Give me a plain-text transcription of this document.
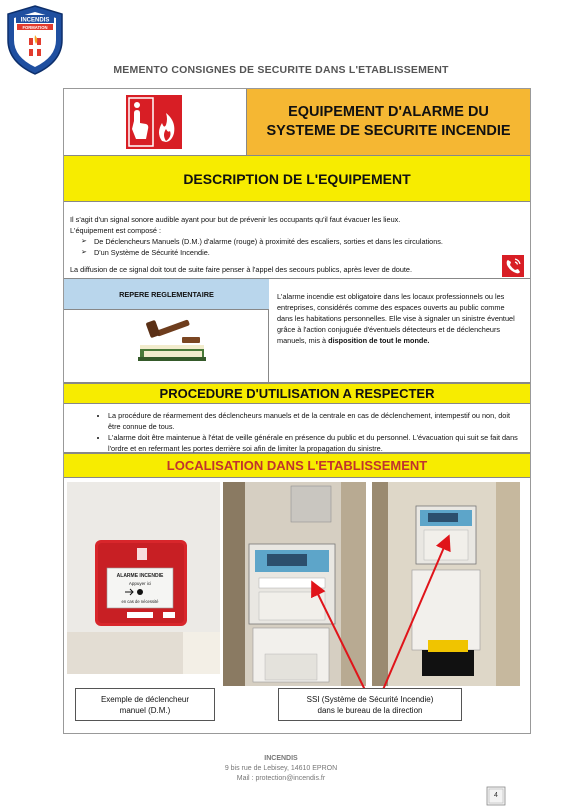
INCENDIS
FORMATION
MEMENTO CONSIGNES DE SECURITE DANS L'ETABLISSEMENT
EQUIPEMENT D'ALARME DU
SYSTEME DE SECURITE INCENDIE
DESCRIPTION DE L'EQUIPEMENT
Il s'agit d'un signal sonore audible ayant pour but de prévenir les occupants qu'il faut évacuer les lieux.
L'équipement est composé :
➢ De Déclencheurs Manuels (D.M.) d'alarme (rouge) à proximité des escaliers, sorties et dans les circulations.
➢ D'un Système de Sécurité Incendie.
La diffusion de ce signal doit tout de suite faire penser à l'appel des secours publics, après lever de doute.
REPERE REGLEMENTAIRE	L'alarme incendie est obligatoire dans les locaux professionnels ou les entreprises, considérés comme des espaces ouverts au public comme dans les habitations personnelles. Elle vise à signaler un sinistre éventuel grâce à l'action conjuguée d'éventuels détecteurs et de déclencheurs manuels, mis à disposition de tout le monde.
PROCEDURE D'UTILISATION A RESPECTER
• La procédure de réarmement des déclencheurs manuels et de la centrale en cas de déclenchement, intempestif ou non, doit être connue de tous.
• L'alarme doit être maintenue à l'état de veille générale en présence du public et du personnel. L'évacuation qui suit se fait dans l'ordre et en refermant les portes derrière soi afin de limiter la propagation du sinistre.
LOCALISATION DANS L'ETABLISSEMENT
ALARME INCENDIE
Appuyer ici
en cas de nécessité
Exemple de déclencheur
manuel (D.M.)
SSI (Système de Sécurité Incendie)
dans le bureau de la direction
INCENDIS
9 bis rue de Lebisey, 14610 EPRON
Mail : protection@incendis.fr
4
